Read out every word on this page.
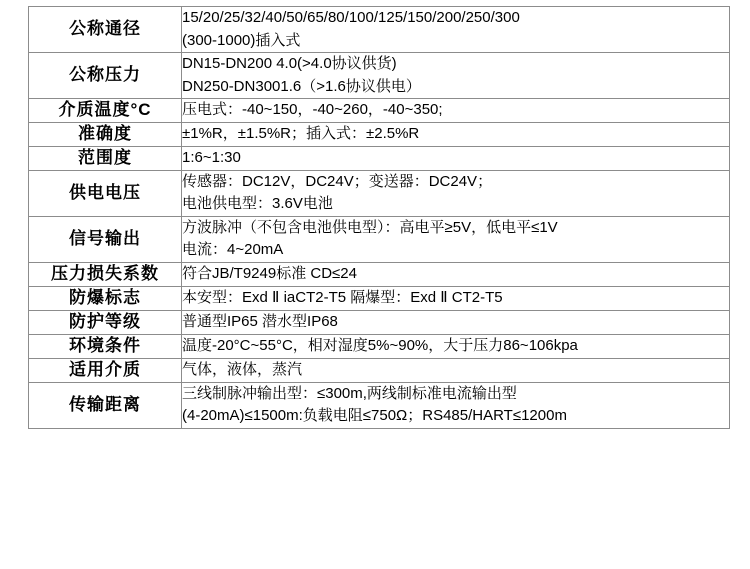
公称通径	15/20/25/32/40/50/65/80/100/125/150/200/250/300
(300-1000)插入式

公称压力	DN15-DN200 4.0(>4.0协议供货)
DN250-DN3001.6（>1.6协议供电）

介质温度°C	压电式：-40~150，-40~260，-40~350;

准确度	±1%R，±1.5%R；插入式：±2.5%R

范围度	1:6~1:30

供电电压	传感器：DC12V，DC24V；变送器：DC24V；
电池供电型：3.6V电池

信号输出	方波脉冲（不包含电池供电型）：高电平≥5V，低电平≤1V
电流：4~20mA

压力损失系数	符合JB/T9249标准 CD≤24

防爆标志	本安型：Exd Ⅱ iaCT2-T5 隔爆型：Exd Ⅱ CT2-T5

防护等级	普通型IP65 潜水型IP68

环境条件	温度-20°C~55°C，相对湿度5%~90%，大于压力86~106kpa

适用介质	气体，液体，蒸汽

传输距离	三线制脉冲输出型：≤300m,两线制标准电流输出型
(4-20mA)≤1500m:负载电阻≤750Ω；RS485/HART≤1200m
